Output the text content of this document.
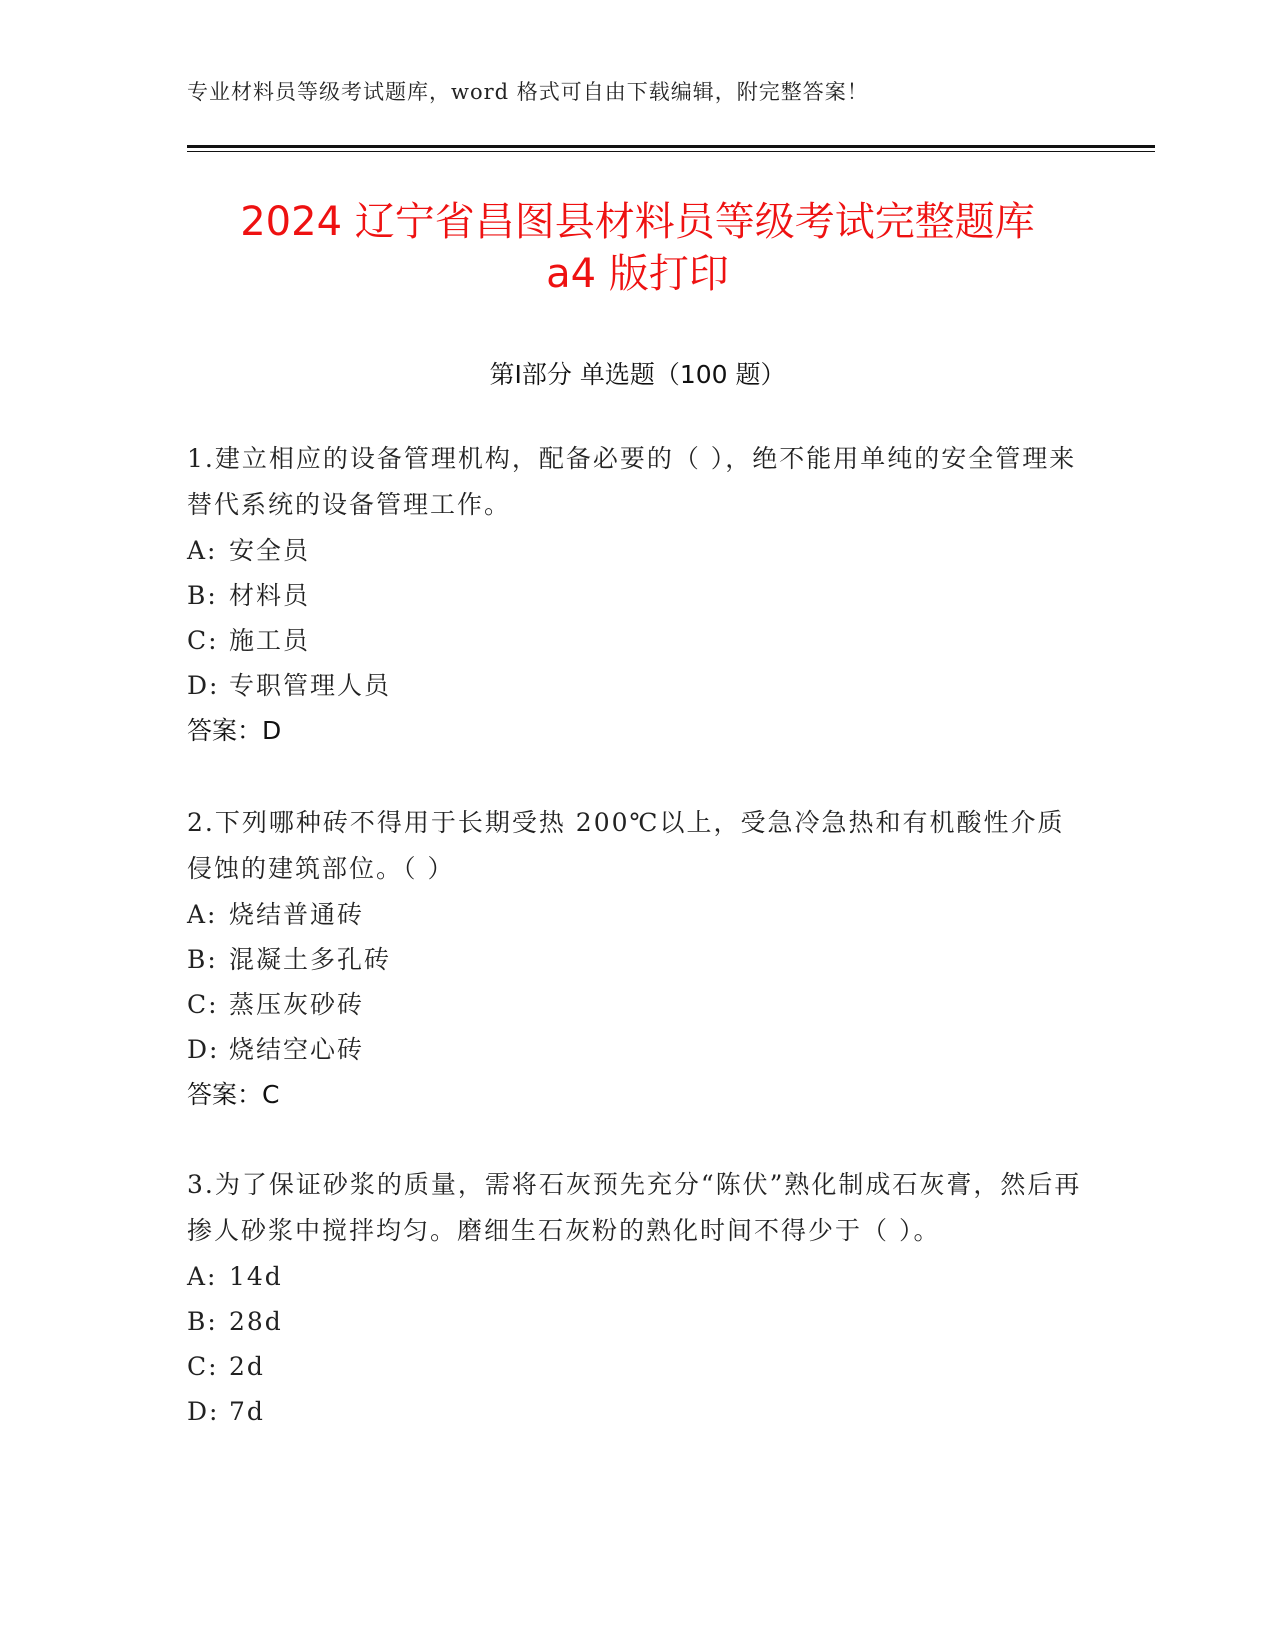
专业材料员等级考试题库，word 格式可自由下载编辑，附完整答案！
2024 辽宁省昌图县材料员等级考试完整题库
a4 版打印
第Ⅰ部分 单选题（100 题）

1.建立相应的设备管理机构，配备必要的（ ），绝不能用单纯的安全管理来替代系统的设备管理工作。

A: 安全员

B: 材料员

C: 施工员

D: 专职管理人员

答案：D

2.下列哪种砖不得用于长期受热 200℃以上，受急冷急热和有机酸性介质侵蚀的建筑部位。（ ）

A: 烧结普通砖

B: 混凝土多孔砖

C: 蒸压灰砂砖

D: 烧结空心砖

答案：C

3.为了保证砂浆的质量，需将石灰预先充分“陈伏”熟化制成石灰膏，然后再掺人砂浆中搅拌均匀。磨细生石灰粉的熟化时间不得少于（ ）。

A: 14d

B: 28d

C: 2d

D: 7d
